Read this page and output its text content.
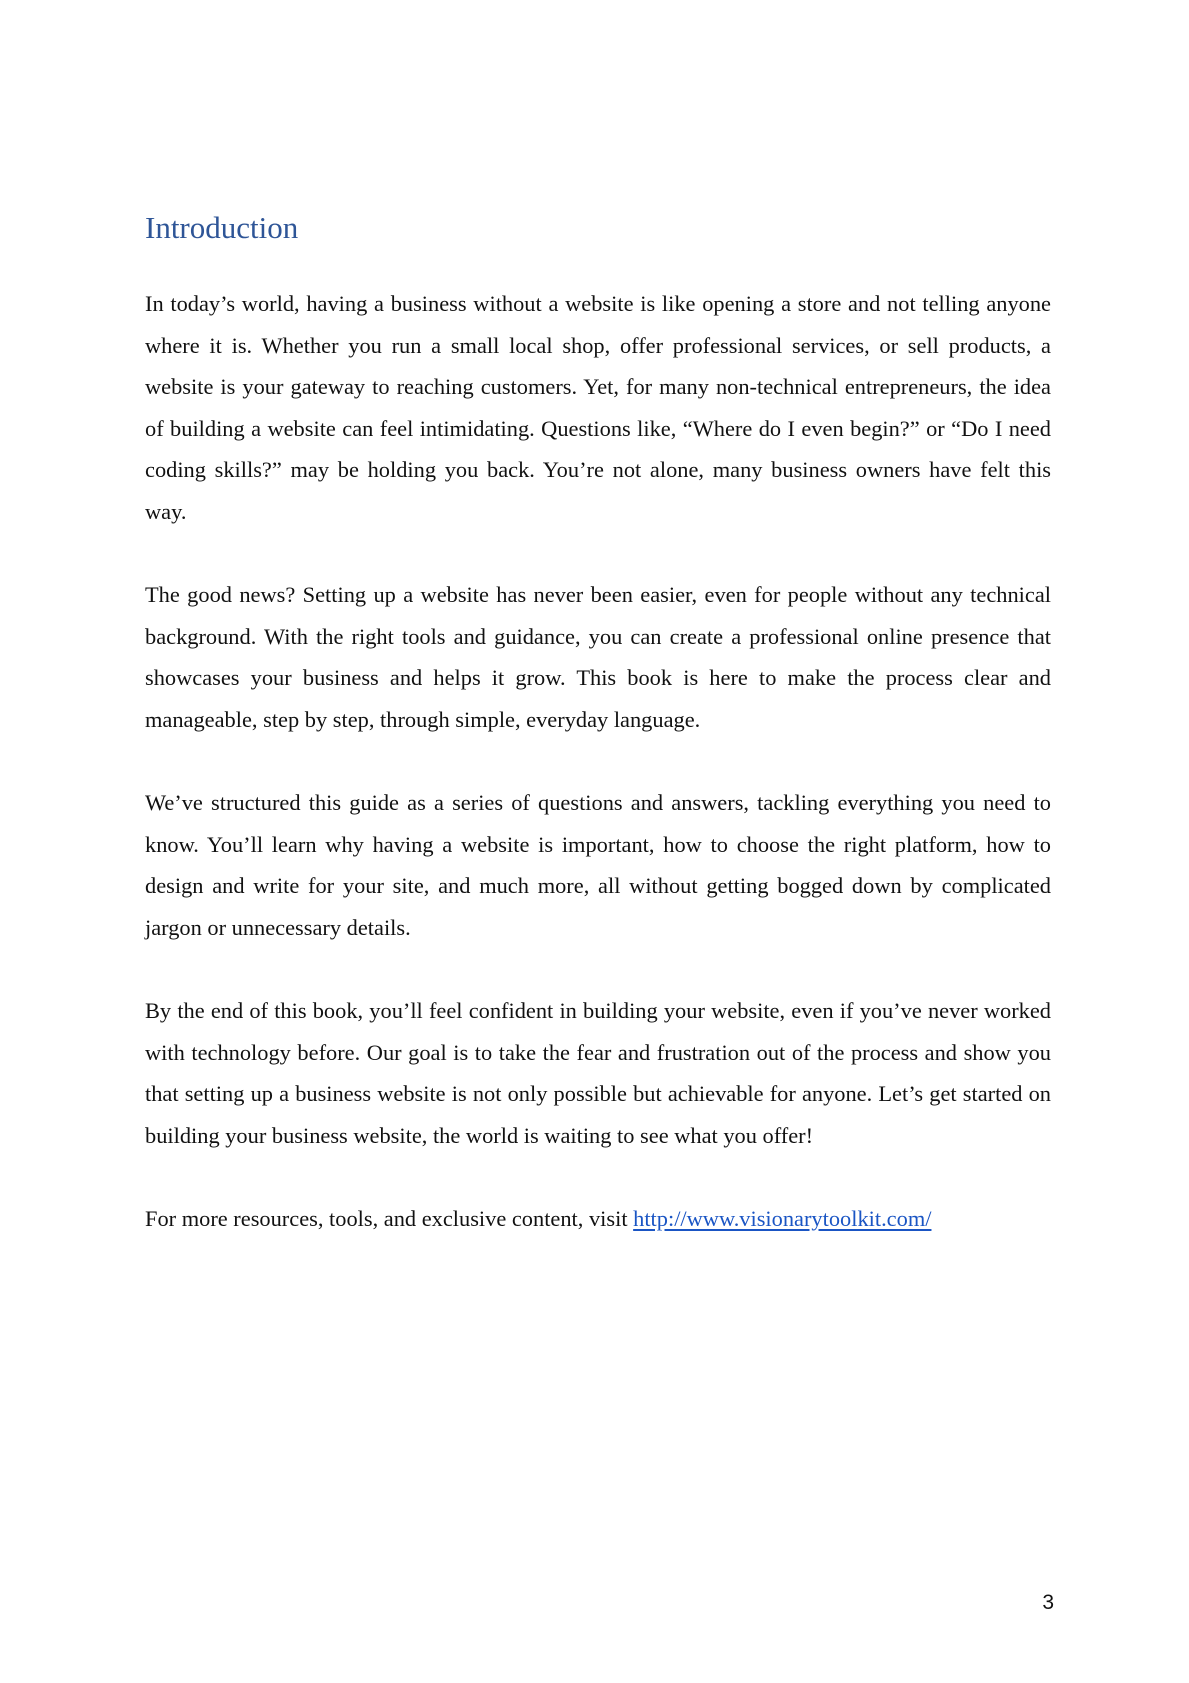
Introduction

In today’s world, having a business without a website is like opening a store and not telling anyone where it is. Whether you run a small local shop, offer professional services, or sell products, a website is your gateway to reaching customers. Yet, for many non-technical entrepreneurs, the idea of building a website can feel intimidating. Questions like, “Where do I even begin?” or “Do I need coding skills?” may be holding you back. You’re not alone, many business owners have felt this way.

The good news? Setting up a website has never been easier, even for people without any technical background. With the right tools and guidance, you can create a professional online presence that showcases your business and helps it grow. This book is here to make the process clear and manageable, step by step, through simple, everyday language.

We’ve structured this guide as a series of questions and answers, tackling everything you need to know. You’ll learn why having a website is important, how to choose the right platform, how to design and write for your site, and much more, all without getting bogged down by complicated jargon or unnecessary details.

By the end of this book, you’ll feel confident in building your website, even if you’ve never worked with technology before. Our goal is to take the fear and frustration out of the process and show you that setting up a business website is not only possible but achievable for anyone. Let’s get started on building your business website, the world is waiting to see what you offer!

For more resources, tools, and exclusive content, visit http://www.visionarytoolkit.com/

3
